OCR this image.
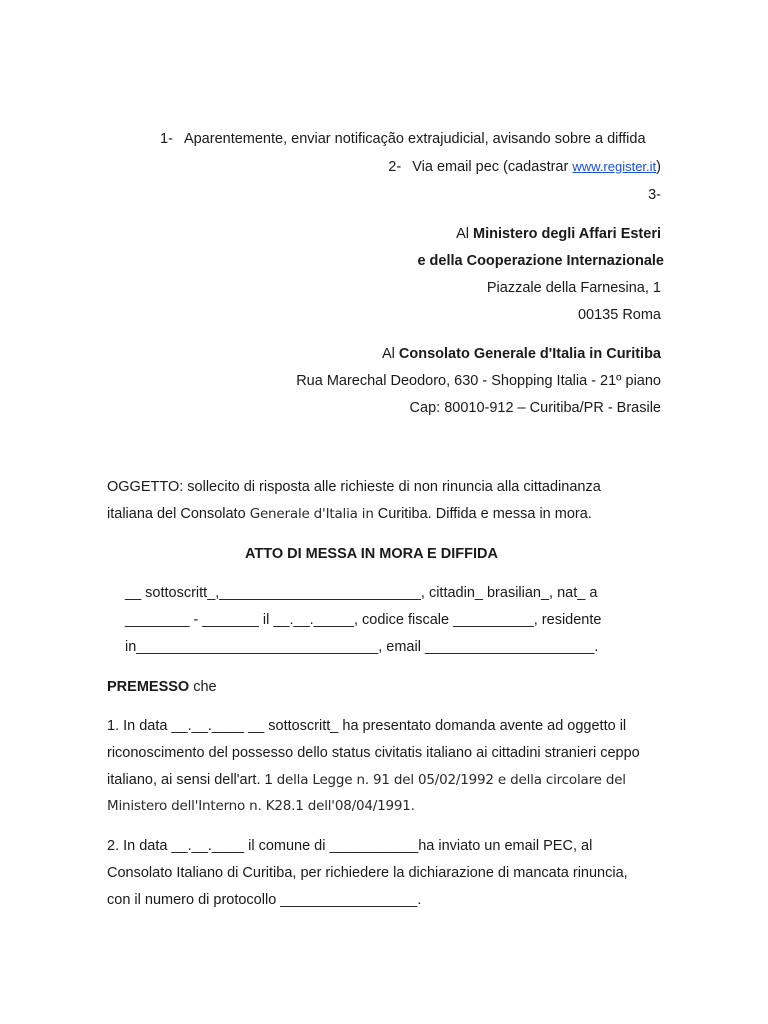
1- Aparentemente, enviar notificação extrajudicial, avisando sobre a diffida
2- Via email pec (cadastrar www.register.it)
3-
Al Ministero degli Affari Esteri
e della Cooperazione Internazionale
Piazzale della Farnesina, 1
00135 Roma
Al Consolato Generale d'Italia in Curitiba
Rua Marechal Deodoro, 630 - Shopping Italia - 21º piano
Cap: 80010-912 – Curitiba/PR - Brasile
OGGETTO: sollecito di risposta alle richieste di non rinuncia alla cittadinanza
italiana del Consolato Generale d'Italia in Curitiba. Diffida e messa in mora.
ATTO DI MESSA IN MORA E DIFFIDA
__ sottoscritt_,_________________________, cittadin_ brasilian_, nat_ a
________ - _______ il __.__._____, codice fiscale __________, residente
in______________________________, email _____________________.
PREMESSO che
1. In data __.__.____ __ sottoscritt_ ha presentato domanda avente ad oggetto il
riconoscimento del possesso dello status civitatis italiano ai cittadini stranieri ceppo
italiano, ai sensi dell'art. 1 della Legge n. 91 del 05/02/1992 e della circolare del
Ministero dell'Interno n. K28.1 dell'08/04/1991.
2. In data __.__.____ il comune di ___________ha inviato un email PEC, al
Consolato Italiano di Curitiba, per richiedere la dichiarazione di mancata rinuncia,
con il numero di protocollo _________________.
